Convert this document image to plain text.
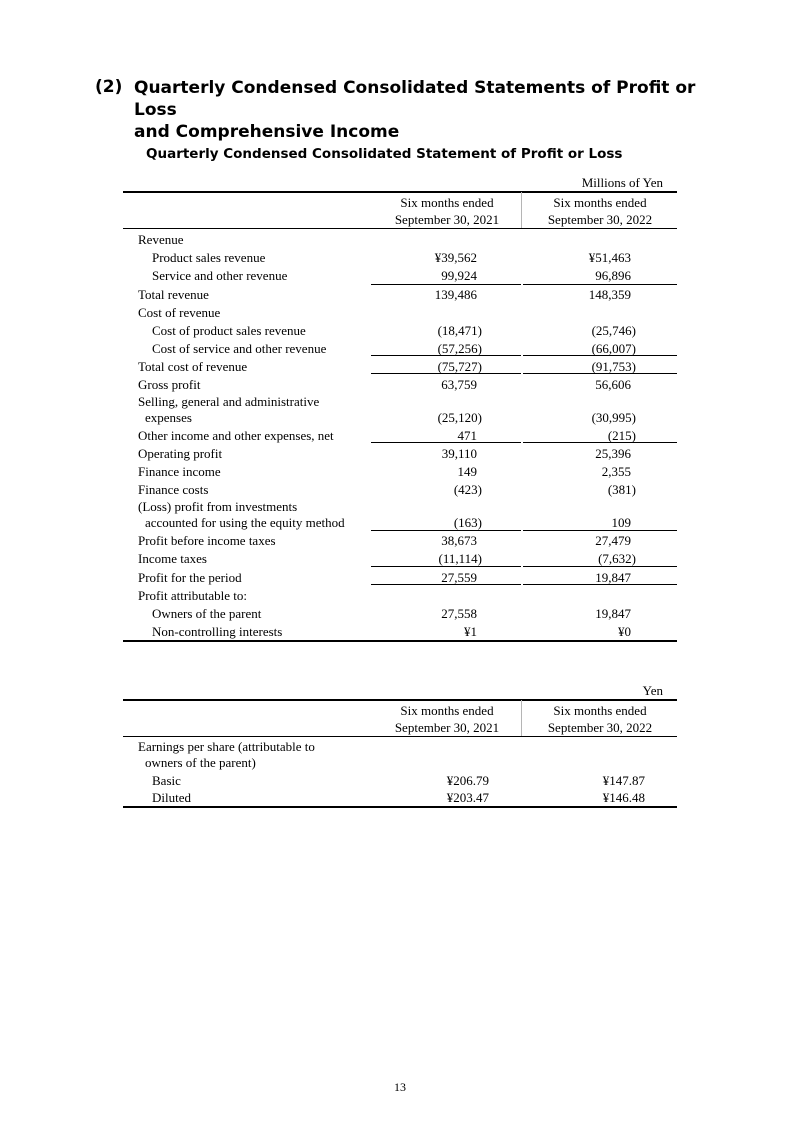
(2) Quarterly Condensed Consolidated Statements of Profit or Loss
and Comprehensive Income
Quarterly Condensed Consolidated Statement of Profit or Loss
Millions of Yen
Six months ended
September 30, 2021
Six months ended
September 30, 2022
Revenue
Product sales revenue	¥39,562	¥51,463
Service and other revenue	99,924	96,896
Total revenue	139,486	148,359
Cost of revenue
Cost of product sales revenue	(18,471)	(25,746)
Cost of service and other revenue	(57,256)	(66,007)
Total cost of revenue	(75,727)	(91,753)
Gross profit	63,759	56,606
Selling, general and administrative
expenses	(25,120)	(30,995)
Other income and other expenses, net	471	(215)
Operating profit	39,110	25,396
Finance income	149	2,355
Finance costs	(423)	(381)
(Loss) profit from investments
accounted for using the equity method	(163)	109
Profit before income taxes	38,673	27,479
Income taxes	(11,114)	(7,632)
Profit for the period	27,559	19,847
Profit attributable to:
Owners of the parent	27,558	19,847
Non-controlling interests	¥1	¥0
Yen
Six months ended
September 30, 2021
Six months ended
September 30, 2022
Earnings per share (attributable to
owners of the parent)
Basic	¥206.79	¥147.87
Diluted	¥203.47	¥146.48
13
